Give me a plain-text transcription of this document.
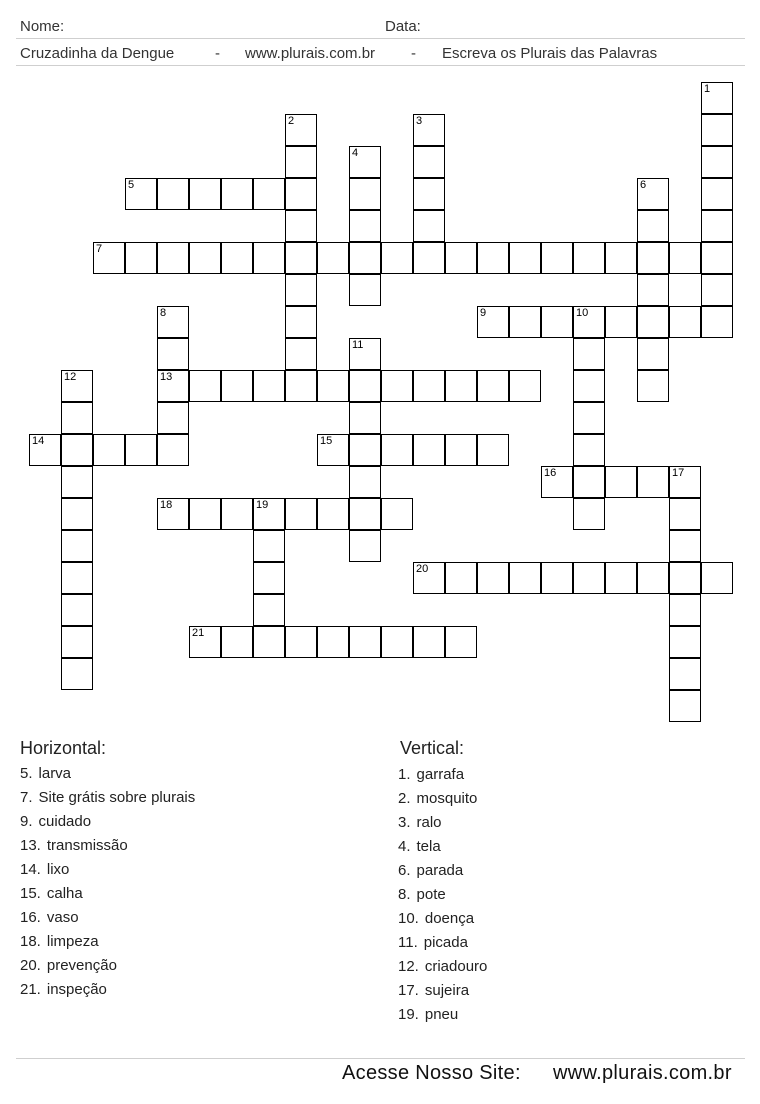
Nome:	Data:
Cruzadinha da Dengue	- www.plurais.com.br - Escreva os Plurais das Palavras
1
2	3
4
5	6
7
8
13
9	10
11
12
14	15
16	17
18	19
20
21
Horizontal:
5. larva
7. Site grátis sobre plurais
9. cuidado
13. transmissão
14. lixo
15. calha
16. vaso
18. limpeza
20. prevenção
21. inspeção
Vertical:
1. garrafa
2. mosquito
3. ralo
4. tela
6. parada
8. pote
10. doença
11. picada
12. criadouro
17. sujeira
19. pneu
Acesse Nosso Site: www.plurais.com.br
